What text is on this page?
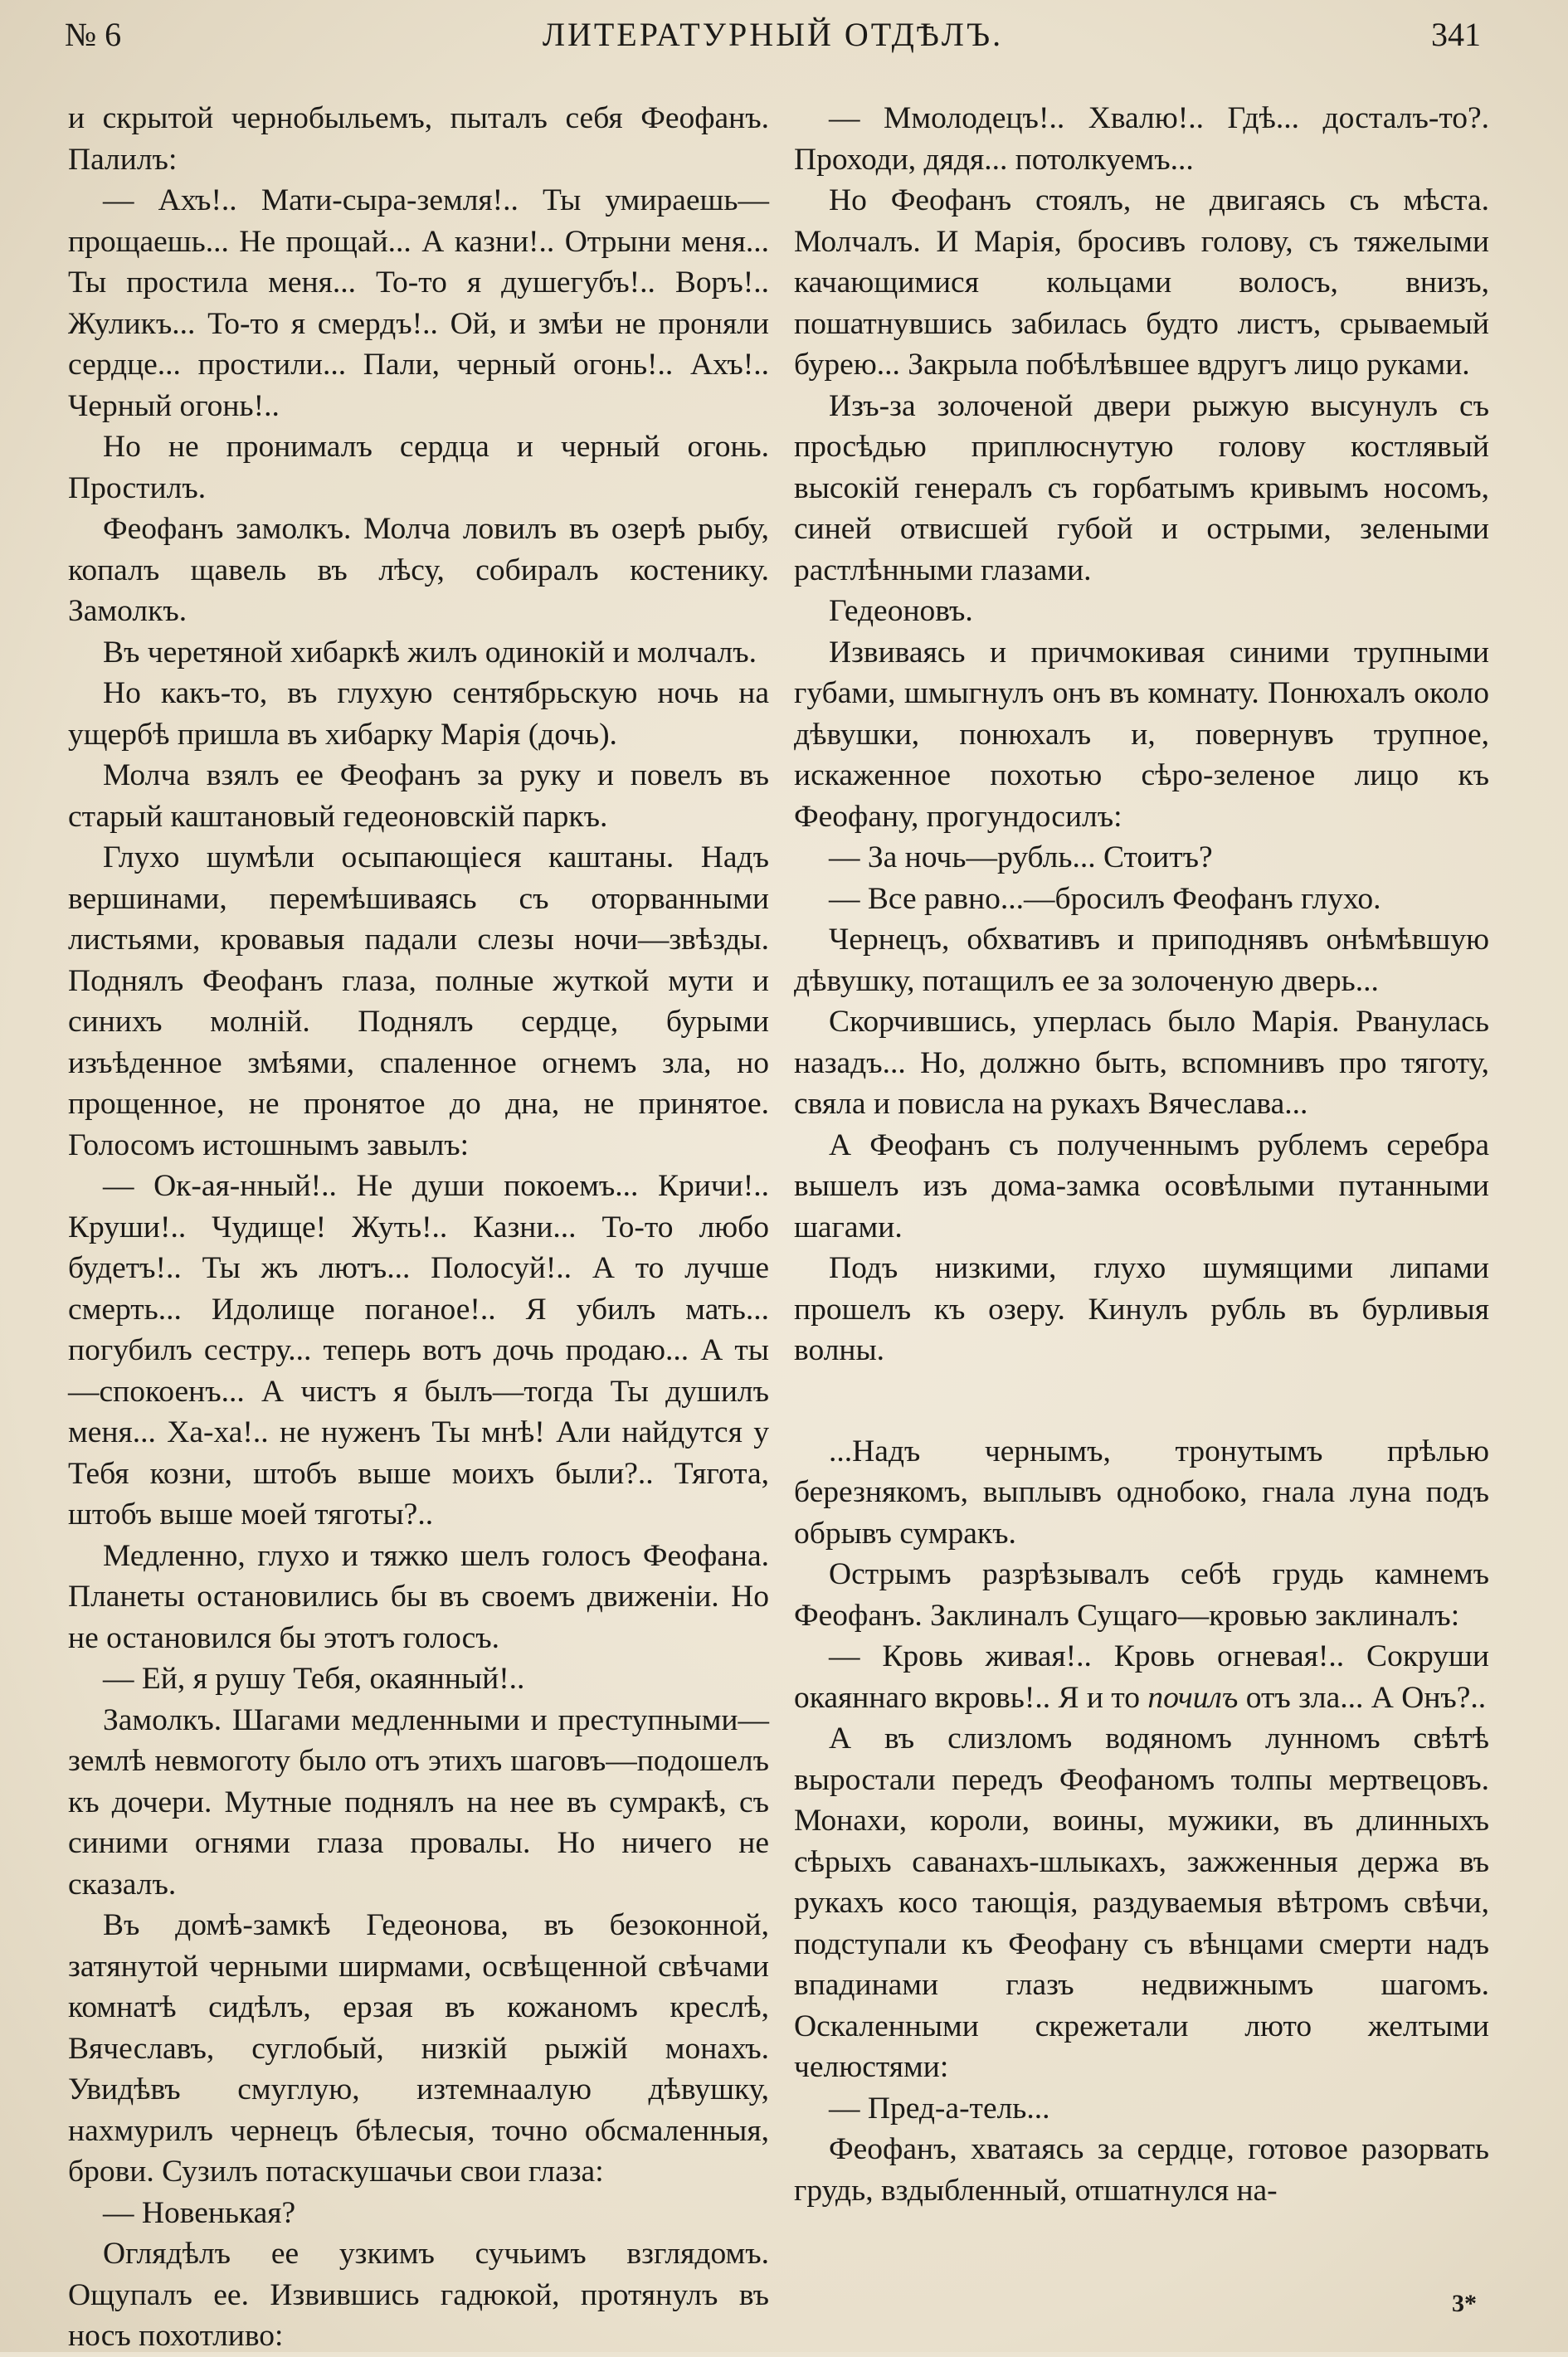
№ 6	ЛИТЕРАТУРНЫЙ ОТДѢЛЪ.	341

и скрытой чернобыльемъ, пыталъ себя Феофанъ. Палилъ:

— Ахъ!.. Мати-сыра-земля!.. Ты умираешь—прощаешь... Не прощай... А казни!.. Отрыни меня... Ты простила меня... То-то я душегубъ!.. Воръ!.. Жуликъ... То-то я смердъ!.. Ой, и змѣи не проняли сердце... простили... Пали, черный огонь!.. Ахъ!.. Черный огонь!..

Но не пронималъ сердца и черный огонь. Простилъ.

Феофанъ замолкъ. Молча ловилъ въ озерѣ рыбу, копалъ щавель въ лѣсу, собиралъ костенику. Замолкъ.

Въ черетяной хибаркѣ жилъ одинокій и молчалъ.

Но какъ-то, въ глухую сентябрьскую ночь на ущербѣ пришла въ хибарку Марія (дочь).

Молча взялъ ее Феофанъ за руку и повелъ въ старый каштановый гедеоновскій паркъ.

Глухо шумѣли осыпающіеся каштаны. Надъ вершинами, перемѣшиваясь съ оторванными листьями, кровавыя падали слезы ночи—звѣзды. Поднялъ Феофанъ глаза, полные жуткой мути и синихъ молній. Поднялъ сердце, бурыми изъѣденное змѣями, спаленное огнемъ зла, но прощенное, не пронятое до дна, не принятое. Голосомъ истошнымъ завылъ:

— Ок-ая-нный!.. Не души покоемъ... Кричи!.. Круши!.. Чудище! Жуть!.. Казни... То-то любо будетъ!.. Ты жъ лютъ... Полосуй!.. А то лучше смерть... Идолище поганое!.. Я убилъ мать... погубилъ сестру... теперь вотъ дочь продаю... А ты—спокоенъ... А чистъ я былъ—тогда Ты душилъ меня... Ха-ха!.. не нуженъ Ты мнѣ! Али найдутся у Тебя козни, штобъ выше моихъ были?.. Тягота, штобъ выше моей тяготы?..

Медленно, глухо и тяжко шелъ голосъ Феофана. Планеты остановились бы въ своемъ движеніи. Но не остановился бы этотъ голосъ.

— Ей, я рушу Тебя, окаянный!..

Замолкъ. Шагами медленными и преступными—землѣ невмоготу было отъ этихъ шаговъ—подошелъ къ дочери. Мутные поднялъ на нее въ сумракѣ, съ синими огнями глаза провалы. Но ничего не сказалъ.

Въ домѣ-замкѣ Гедеонова, въ безоконной, затянутой черными ширмами, освѣщенной свѣчами комнатѣ сидѣлъ, ерзая въ кожаномъ креслѣ, Вячеславъ, суглобый, низкій рыжій монахъ. Увидѣвъ смуглую, изтемнаалую дѣвушку, нахмурилъ чернецъ бѣлесыя, точно обсмаленныя, брови. Сузилъ потаскушачьи свои глаза:

— Новенькая?

Оглядѣлъ ее узкимъ сучьимъ взглядомъ. Ощупалъ ее. Извившись гадюкой, протянулъ въ носъ похотливо:

— Ммолодецъ!.. Хвалю!.. Гдѣ... досталъ-то?. Проходи, дядя... потолкуемъ...

Но Феофанъ стоялъ, не двигаясь съ мѣста. Молчалъ. И Марія, бросивъ голову, съ тяжелыми качающимися кольцами волосъ, внизъ, пошатнувшись забилась будто листъ, срываемый бурею... Закрыла побѣлѣвшее вдругъ лицо руками.

Изъ-за золоченой двери рыжую высунулъ съ просѣдью приплюснутую голову костлявый высокій генералъ съ горбатымъ кривымъ носомъ, синей отвисшей губой и острыми, зелеными растлѣнными глазами.

Гедеоновъ.

Извиваясь и причмокивая синими трупными губами, шмыгнулъ онъ въ комнату. Понюхалъ около дѣвушки, понюхалъ и, повернувъ трупное, искаженное похотью сѣро-зеленое лицо къ Феофану, прогундосилъ:

— За ночь—рубль... Стоитъ?

— Все равно...—бросилъ Феофанъ глухо.

Чернецъ, обхвативъ и приподнявъ онѣмѣвшую дѣвушку, потащилъ ее за золоченую дверь...

Скорчившись, уперлась было Марія. Рванулась назадъ... Но, должно быть, вспомнивъ про тяготу, свяла и повисла на рукахъ Вячеслава...

А Феофанъ съ полученнымъ рублемъ серебра вышелъ изъ дома-замка осовѣлыми путанными шагами.

Подъ низкими, глухо шумящими липами прошелъ къ озеру. Кинулъ рубль въ бурливыя волны.

...Надъ чернымъ, тронутымъ прѣлью березнякомъ, выплывъ однобоко, гнала луна подъ обрывъ сумракъ.

Острымъ разрѣзывалъ себѣ грудь камнемъ Феофанъ. Заклиналъ Сущаго—кровью заклиналъ:

— Кровь живая!.. Кровь огневая!.. Сокруши окаяннаго вкровь!.. Я и то почилъ отъ зла... А Онъ?..

А въ слизломъ водяномъ лунномъ свѣтѣ выростали передъ Феофаномъ толпы мертвецовъ. Монахи, короли, воины, мужики, въ длинныхъ сѣрыхъ саванахъ-шлыкахъ, зажженныя держа въ рукахъ косо тающія, раздуваемыя вѣтромъ свѣчи, подступали къ Феофану съ вѣнцами смерти надъ впадинами глазъ недвижнымъ шагомъ. Оскаленными скрежетали люто желтыми челюстями:

— Пред-а-тель...

Феофанъ, хватаясь за сердце, готовое разорвать грудь, вздыбленный, отшатнулся на-

3*
